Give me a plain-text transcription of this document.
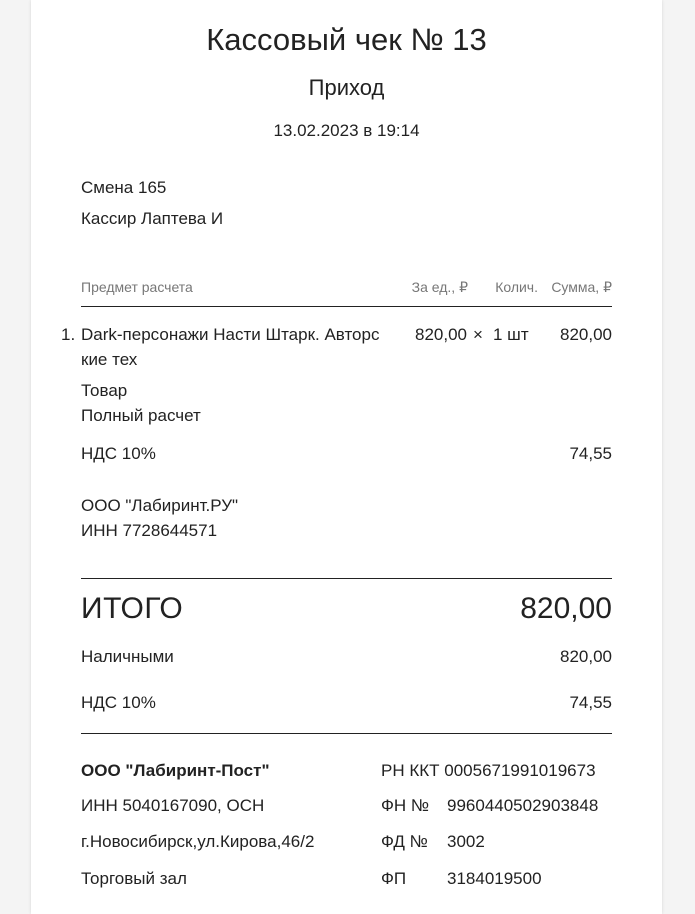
Кассовый чек № 13
Приход
13.02.2023 в 19:14
Смена 165
Кассир Лаптева И
Предмет расчета	За ед., ₽	Колич. Сумма, ₽
1. Dark-персонажи Насти Штарк. Авторс
кие тех
820,00 × 1 шт	820,00
Товар
Полный расчет
НДС 10%	74,55
ООО "Лабиринт.РУ"
ИНН 7728644571
ИТОГО	820,00
Наличными	820,00
НДС 10%	74,55
ООО "Лабиринт-Пост"
ИНН 5040167090, ОСН
г.Новосибирск,ул.Кирова,46/2
Торговый зал
РН ККТ 0005671991019673
ФН № 9960440502903848
ФД № 3002
ФП 3184019500
